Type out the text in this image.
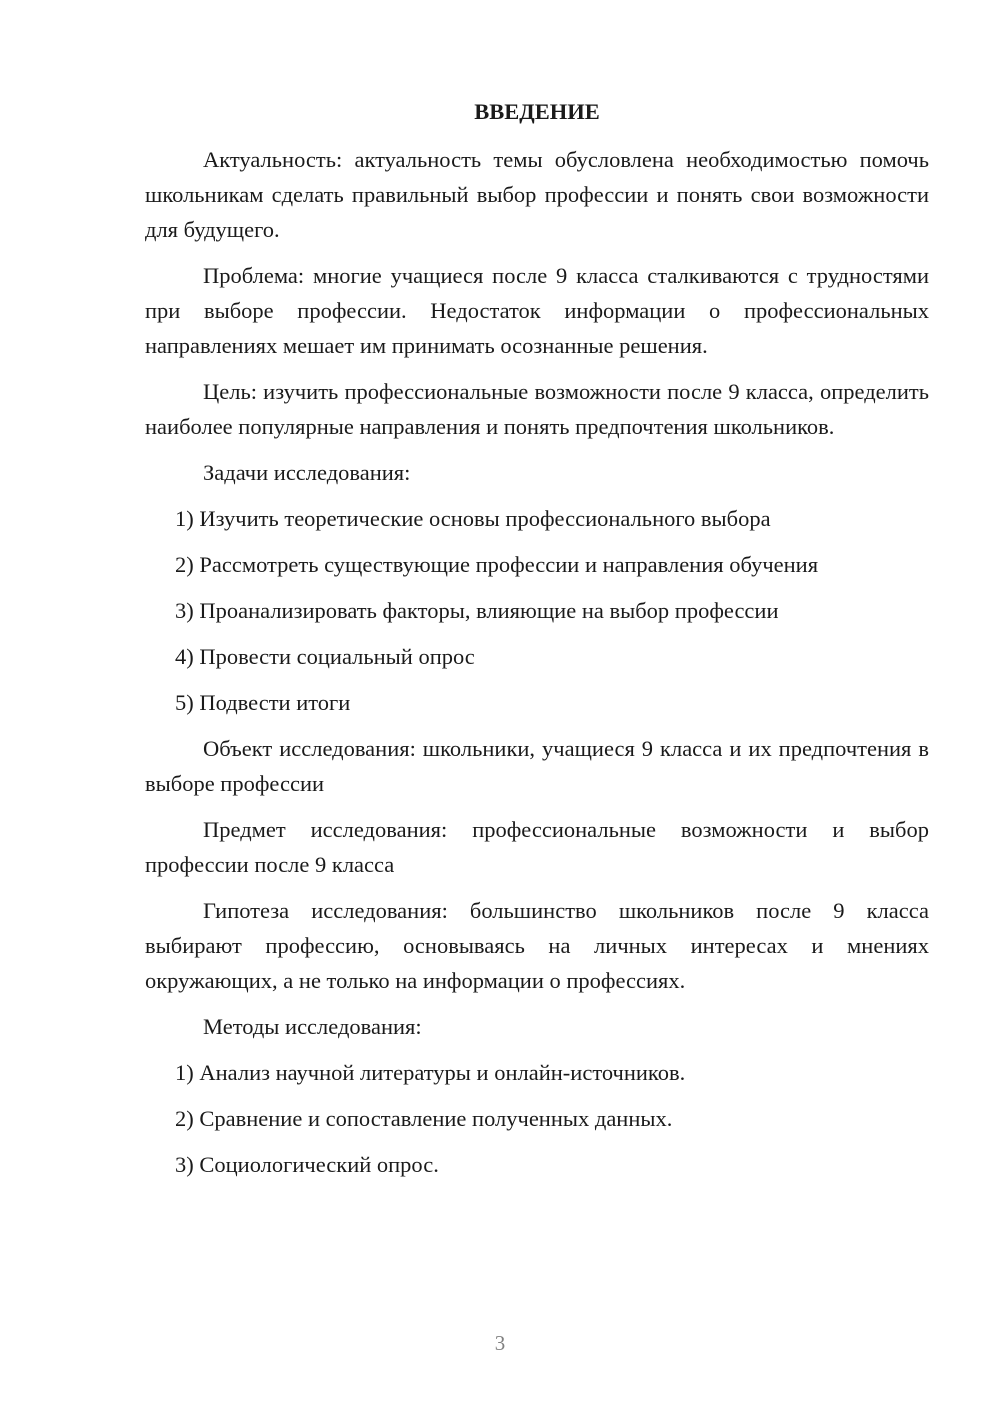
ВВЕДЕНИЕ

Актуальность: актуальность темы обусловлена необходимостью помочь школьникам сделать правильный выбор профессии и понять свои возможности для будущего.

Проблема: многие учащиеся после 9 класса сталкиваются с трудностями при выборе профессии. Недостаток информации о профессиональных направлениях мешает им принимать осознанные решения.

Цель: изучить профессиональные возможности после 9 класса, определить наиболее популярные направления и понять предпочтения школьников.

Задачи исследования:

1) Изучить теоретические основы профессионального выбора
2) Рассмотреть существующие профессии и направления обучения
3) Проанализировать факторы, влияющие на выбор профессии
4) Провести социальный опрос
5) Подвести итоги

Объект исследования: школьники, учащиеся 9 класса и их предпочтения в выборе профессии

Предмет исследования: профессиональные возможности и выбор профессии после 9 класса

Гипотеза исследования: большинство школьников после 9 класса выбирают профессию, основываясь на личных интересах и мнениях окружающих, а не только на информации о профессиях.

Методы исследования:

1) Анализ научной литературы и онлайн-источников.
2) Сравнение и сопоставление полученных данных.
3) Социологический опрос.
3
